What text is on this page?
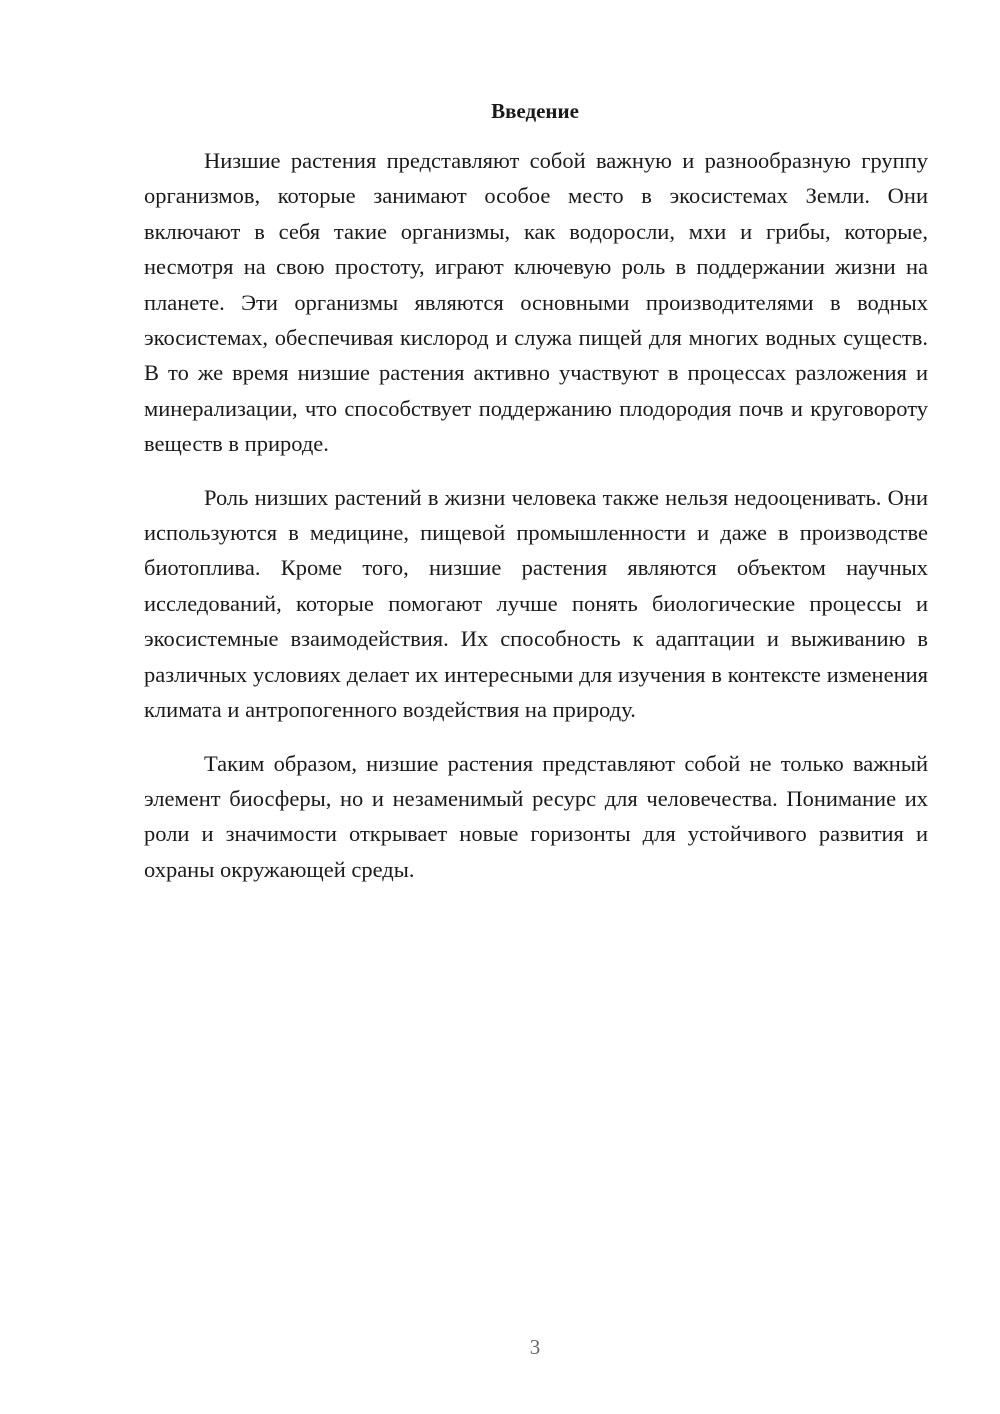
Введение

Низшие растения представляют собой важную и разнообразную группу организмов, которые занимают особое место в экосистемах Земли. Они включают в себя такие организмы, как водоросли, мхи и грибы, которые, несмотря на свою простоту, играют ключевую роль в поддержании жизни на планете. Эти организмы являются основными производителями в водных экосистемах, обеспечивая кислород и служа пищей для многих водных существ. В то же время низшие растения активно участвуют в процессах разложения и минерализации, что способствует поддержанию плодородия почв и круговороту веществ в природе.

Роль низших растений в жизни человека также нельзя недооценивать. Они используются в медицине, пищевой промышленности и даже в производстве биотоплива. Кроме того, низшие растения являются объектом научных исследований, которые помогают лучше понять биологические процессы и экосистемные взаимодействия. Их способность к адаптации и выживанию в различных условиях делает их интересными для изучения в контексте изменения климата и антропогенного воздействия на природу.

Таким образом, низшие растения представляют собой не только важный элемент биосферы, но и незаменимый ресурс для человечества. Понимание их роли и значимости открывает новые горизонты для устойчивого развития и охраны окружающей среды.

3
